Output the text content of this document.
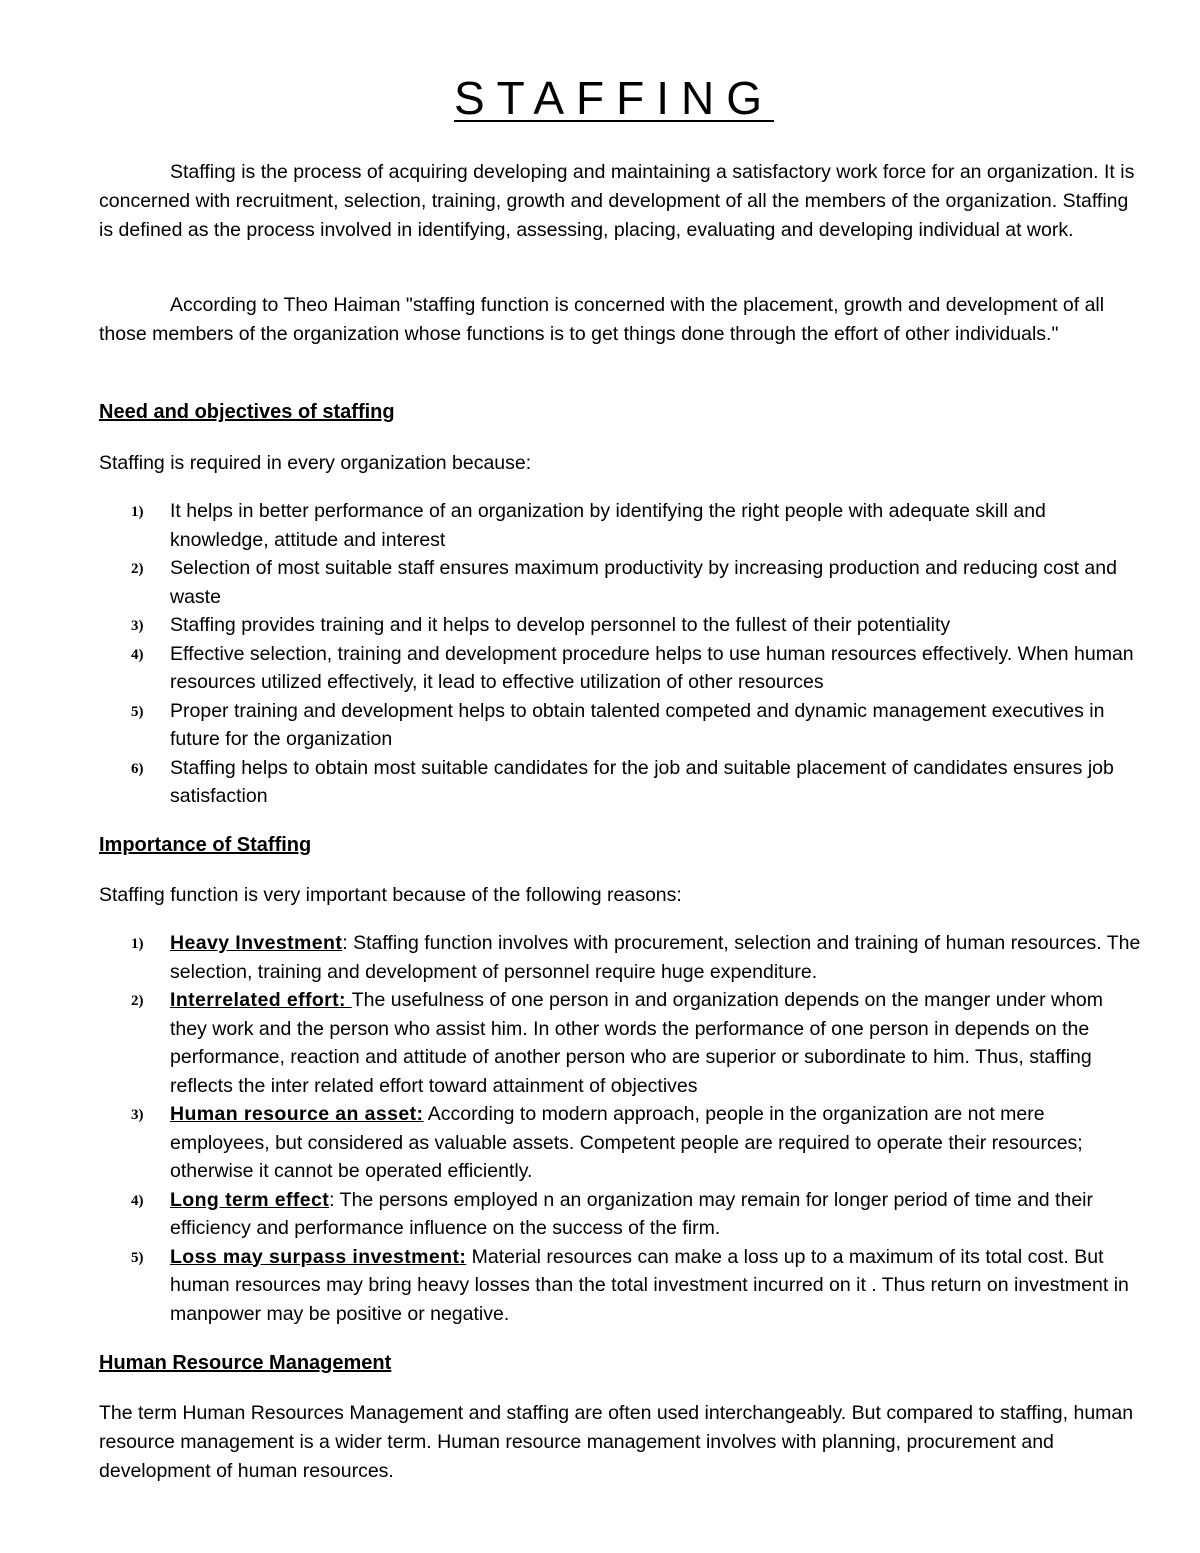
STAFFING

Staffing is the process of acquiring developing and maintaining a satisfactory work force for an organization. It is concerned with recruitment, selection, training, growth and development of all the members of the organization. Staffing is defined as the process involved in identifying, assessing, placing, evaluating and developing individual at work.

According to Theo Haiman "staffing function is concerned with the placement, growth and development of all those members of the organization whose functions is to get things done through the effort of other individuals."

Need and objectives of staffing

Staffing is required in every organization because:

1) It helps in better performance of an organization by identifying the right people with adequate skill and knowledge, attitude and interest
2) Selection of most suitable staff ensures maximum productivity by increasing production and reducing cost and waste
3) Staffing provides training and it helps to develop personnel to the fullest of their potentiality
4) Effective selection, training and development procedure helps to use human resources effectively. When human resources utilized effectively, it lead to effective utilization of other resources
5) Proper training and development helps to obtain talented competed and dynamic management executives in future for the organization
6) Staffing helps to obtain most suitable candidates for the job and suitable placement of candidates ensures job satisfaction

Importance of Staffing

Staffing function is very important because of the following reasons:

1) Heavy Investment: Staffing function involves with procurement, selection and training of human resources. The selection, training and development of personnel require huge expenditure.
2) Interrelated effort: The usefulness of one person in and organization depends on the manger under whom they work and the person who assist him. In other words the performance of one person in depends on the performance, reaction and attitude of another person who are superior or subordinate to him. Thus, staffing reflects the inter related effort toward attainment of objectives
3) Human resource an asset: According to modern approach, people in the organization are not mere employees, but considered as valuable assets. Competent people are required to operate their resources; otherwise it cannot be operated efficiently.
4) Long term effect: The persons employed n an organization may remain for longer period of time and their efficiency and performance influence on the success of the firm.
5) Loss may surpass investment: Material resources can make a loss up to a maximum of its total cost. But human resources may bring heavy losses than the total investment incurred on it . Thus return on investment in manpower may be positive or negative.

Human Resource Management

The term Human Resources Management and staffing are often used interchangeably. But compared to staffing, human resource management is a wider term. Human resource management involves with planning, procurement and development of human resources.
